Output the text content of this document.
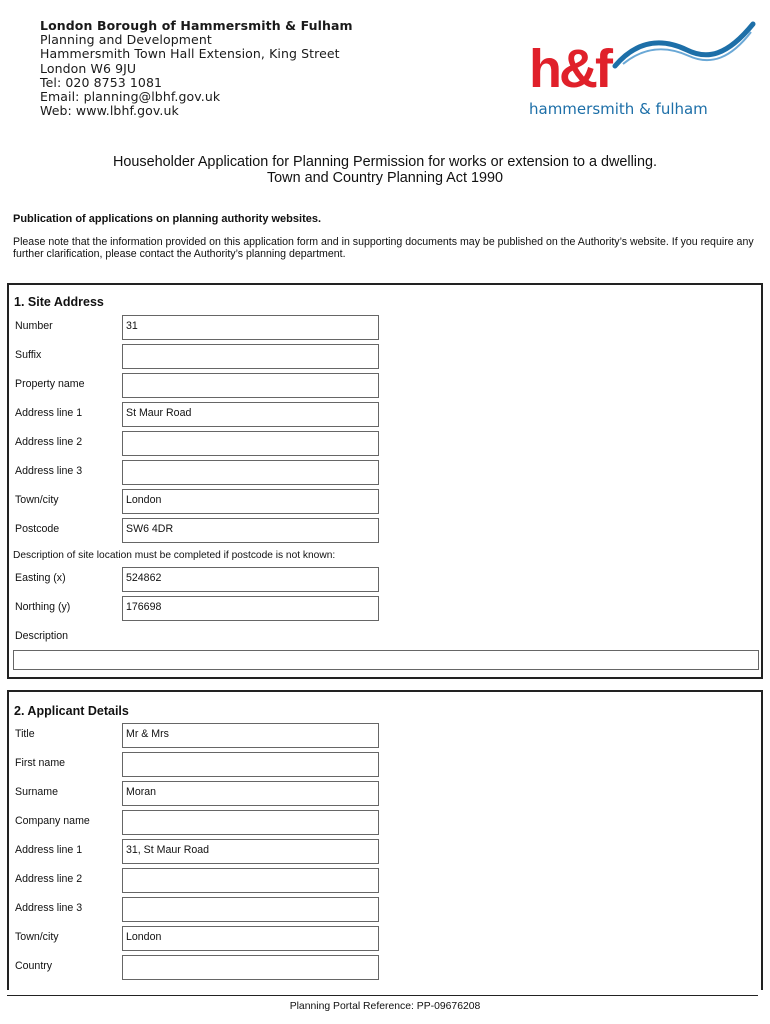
London Borough of Hammersmith & Fulham
Planning and Development
Hammersmith Town Hall Extension, King Street
London W6 9JU
Tel: 020 8753 1081
Email: planning@lbhf.gov.uk
Web: www.lbhf.gov.uk
h&f
hammersmith & fulham
Householder Application for Planning Permission for works or extension to a dwelling.
Town and Country Planning Act 1990
Publication of applications on planning authority websites.
Please note that the information provided on this application form and in supporting documents may be published on the Authority’s website. If you require any further clarification, please contact the Authority’s planning department.
1. Site Address
Number	31
Suffix
Property name
Address line 1	St Maur Road
Address line 2
Address line 3
Town/city	London
Postcode	SW6 4DR
Description of site location must be completed if postcode is not known:
Easting (x)	524862
Northing (y)	176698
Description
2. Applicant Details
Title	Mr & Mrs
First name
Surname	Moran
Company name
Address line 1	31, St Maur Road
Address line 2
Address line 3
Town/city	London
Country
Planning Portal Reference: PP-09676208
